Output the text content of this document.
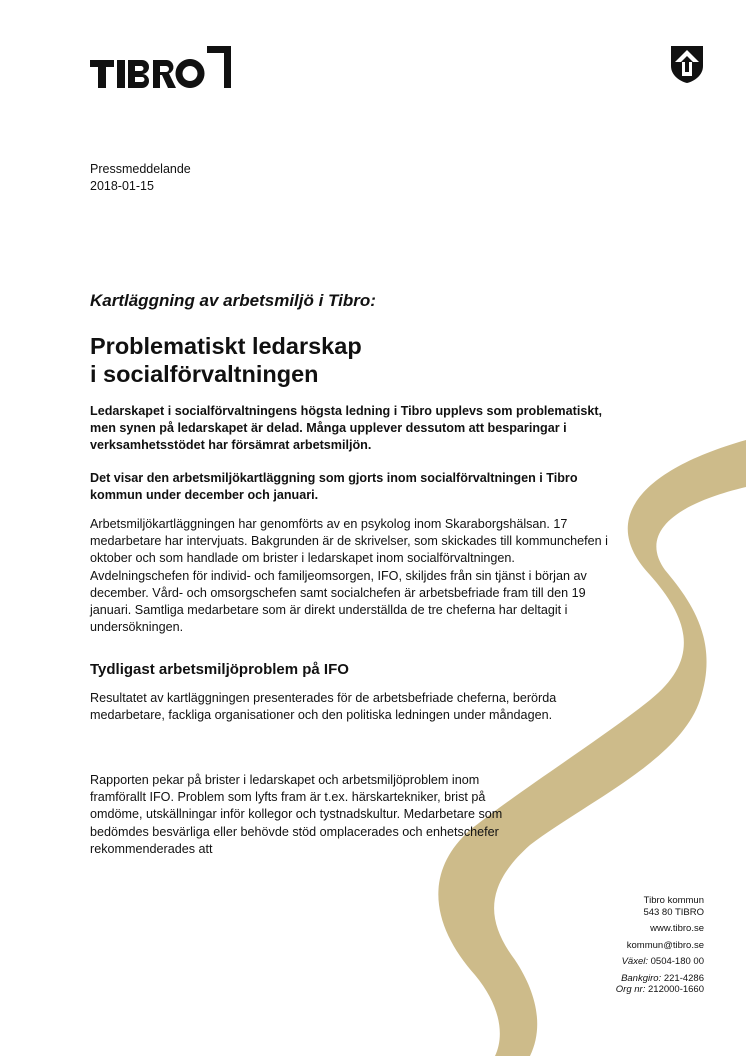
Pressmeddelande
2018-01-15
Kartläggning av arbetsmiljö i Tibro:
Problematiskt ledarskap
i socialförvaltningen

Ledarskapet i socialförvaltningens högsta ledning i Tibro upplevs som problematiskt, men synen på ledarskapet är delad. Många upplever dessutom att besparingar i verksamhetsstödet har försämrat arbetsmiljön.

Det visar den arbetsmiljökartläggning som gjorts inom socialförvaltningen i Tibro kommun under december och januari.

Arbetsmiljökartläggningen har genomförts av en psykolog inom Skaraborgshälsan. 17 medarbetare har intervjuats. Bakgrunden är de skrivelser, som skickades till kommunchefen i oktober och som handlade om brister i ledarskapet inom socialförvaltningen. Avdelningschefen för individ- och familjeomsorgen, IFO, skiljdes från sin tjänst i början av december. Vård- och omsorgschefen samt socialchefen är arbetsbefriade fram till den 19 januari. Samtliga medarbetare som är direkt underställda de tre cheferna har deltagit i undersökningen.

Tydligast arbetsmiljöproblem på IFO

Resultatet av kartläggningen presenterades för de arbetsbefriade cheferna, berörda medarbetare, fackliga organisationer och den politiska ledningen under måndagen.

Rapporten pekar på brister i ledarskapet och arbetsmiljöproblem inom framförallt IFO. Problem som lyfts fram är t.ex. härskartekniker, brist på omdöme, utskällningar inför kollegor och tystnadskultur. Medarbetare som bedömdes besvärliga eller behövde stöd omplacerades och enhetschefer rekommenderades att

Tibro kommun
543 80 TIBRO
www.tibro.se
kommun@tibro.se
Växel: 0504-180 00
Bankgiro: 221-4286
Org nr: 212000-1660
